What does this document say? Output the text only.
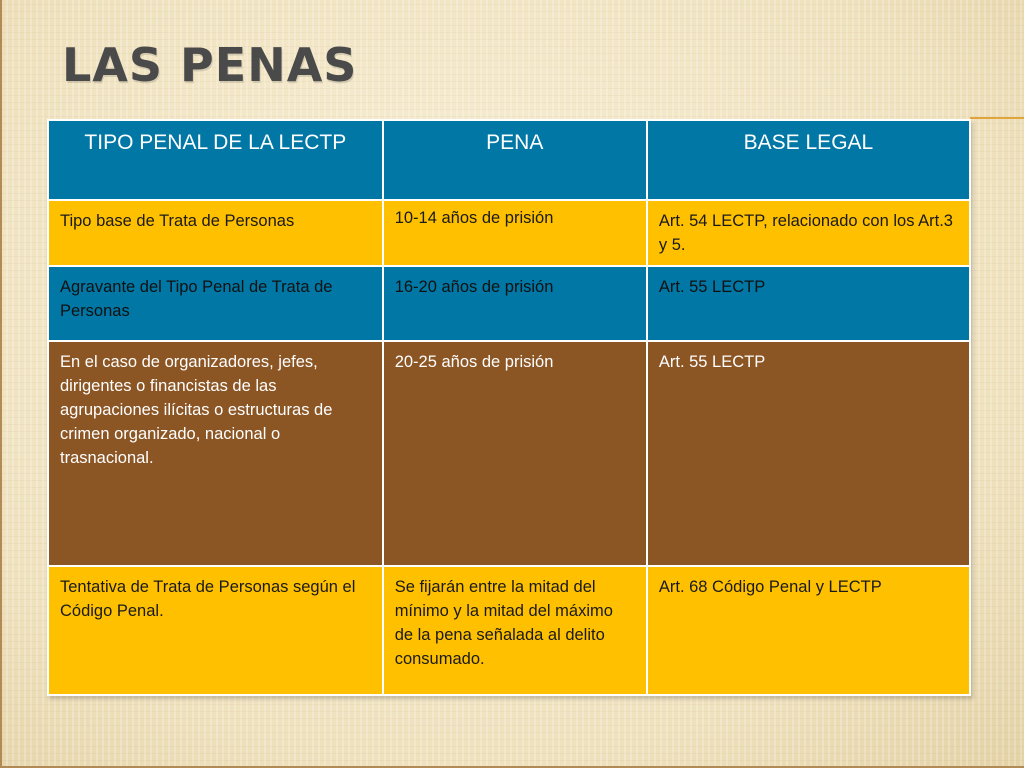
LAS PENAS
TIPO PENAL DE LA LECTP	PENA	BASE LEGAL
Tipo base de Trata de Personas	10-14 años de prisión	Art. 54 LECTP, relacionado con los Art.3 y 5.
Agravante del Tipo Penal de Trata de Personas	16-20 años de prisión	Art. 55 LECTP
En el caso de organizadores, jefes, dirigentes o financistas de las agrupaciones ilícitas o estructuras de crimen organizado, nacional o trasnacional.	20-25 años de prisión	Art. 55 LECTP
Tentativa de Trata de Personas según el Código Penal.	Se fijarán entre la mitad del mínimo y la mitad del máximo de la pena señalada al delito consumado.	Art. 68 Código Penal y LECTP
